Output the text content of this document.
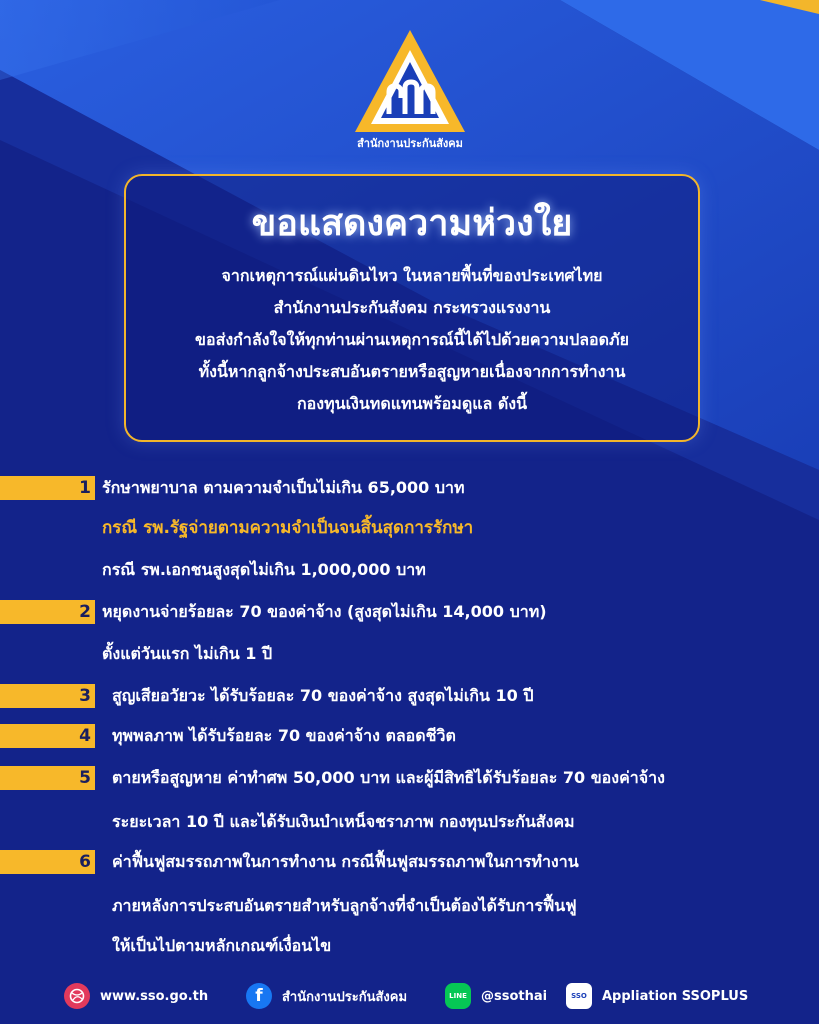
สำนักงานประกันสังคม
ขอแสดงความห่วงใย
จากเหตุการณ์แผ่นดินไหว ในหลายพื้นที่ของประเทศไทย
สำนักงานประกันสังคม กระทรวงแรงงาน
ขอส่งกำลังใจให้ทุกท่านผ่านเหตุการณ์นี้ได้ไปด้วยความปลอดภัย
ทั้งนี้หากลูกจ้างประสบอันตรายหรือสูญหายเนื่องจากการทำงาน
กองทุนเงินทดแทนพร้อมดูแล ดังนี้
1 รักษาพยาบาล ตามความจำเป็นไม่เกิน 65,000 บาท
กรณี รพ.รัฐจ่ายตามความจำเป็นจนสิ้นสุดการรักษา
กรณี รพ.เอกชนสูงสุดไม่เกิน 1,000,000 บาท
2 หยุดงานจ่ายร้อยละ 70 ของค่าจ้าง (สูงสุดไม่เกิน 14,000 บาท)
ตั้งแต่วันแรก ไม่เกิน 1 ปี
3 สูญเสียอวัยวะ ได้รับร้อยละ 70 ของค่าจ้าง สูงสุดไม่เกิน 10 ปี
4 ทุพพลภาพ ได้รับร้อยละ 70 ของค่าจ้าง ตลอดชีวิต
5 ตายหรือสูญหาย ค่าทำศพ 50,000 บาท และผู้มีสิทธิได้รับร้อยละ 70 ของค่าจ้าง
ระยะเวลา 10 ปี และได้รับเงินบำเหน็จชราภาพ กองทุนประกันสังคม
6 ค่าฟื้นฟูสมรรถภาพในการทำงาน กรณีฟื้นฟูสมรรถภาพในการทำงาน
ภายหลังการประสบอันตรายสำหรับลูกจ้างที่จำเป็นต้องได้รับการฟื้นฟู
ให้เป็นไปตามหลักเกณฑ์เงื่อนไข
www.sso.go.th	f	สำนักงานประกันสังคม	LINE @ssothai	SSO Appliation SSOPLUS
